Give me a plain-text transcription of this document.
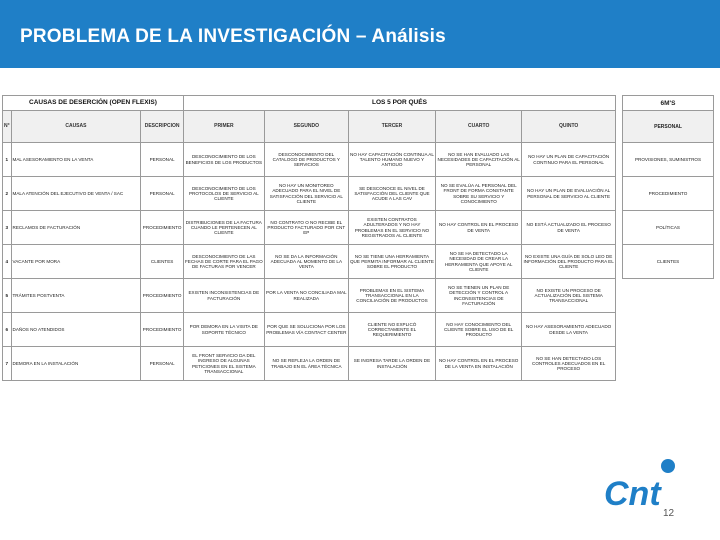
PROBLEMA DE LA INVESTIGACIÓN – Análisis
CAUSAS DE DESERCIÓN (OPEN FLEXIS)			LOS 5 POR QUÉS				
N°	CAUSAS	DESCRIPCION	PRIMER	SEGUNDO	TERCER	CUARTO	QUINTO
1	MAL ASESORAMIENTO EN LA VENTA	PERSONAL	DESCONOCIMIENTO DE LOS BENEFICIOS DE LOS PRODUCTOS	DESCONOCIMIENTO DEL CATALOGO DE PRODUCTOS Y SERVICIOS	NO HAY CAPACITACIÓN CONTINUA AL TALENTO HUMANO NUEVO Y ANTIGUO	NO SE HAN EVALUADO LAS NECESIDADES DE CAPACITACIÓN AL PERSONAL	NO HAY UN PLAN DE CAPACITACIÓN CONTINUO PARA EL PERSONAL
2	MALA ATENCIÓN DEL EJECUTIVO DE VENTA / SAC	PERSONAL	DESCONOCIMIENTO DE LOS PROTOCOLOS DE SERVICIO AL CLIENTE	NO HAY UN MONITOREO ADECUADO PARA EL NIVEL DE SATISFACCIÓN DEL SERVICIO AL CLIENTE	SE DESCONOCE EL NIVEL DE SATISFACCIÓN DEL CLIENTE QUE ACUDE A LAS CAV	NO SE EVALÚA AL PERSONAL DEL FRONT DE FORMA CONSTANTE SOBRE SU SERVICIO Y CONOCIMIENTO	NO HAY UN PLAN DE EVALUACIÓN AL PERSONAL DE SERVICIO AL CLIENTE
3	RECLAMOS DE FACTURACIÓN	PROCEDIMIENTO	DISTRIBUCIONES DE LA FACTURA CUANDO LE PERTENECEN AL CLIENTE	NO CONTRATO O NO RECIBE EL PRODUCTO FACTURADO POR CNT EP	EXISTEN CONTRATOS ADULTERADOS Y NO HAY PROBLEMAS EN EL SERVICIO NO REGISTRADOS AL CLIENTE	NO HAY CONTROL EN EL PROCESO DE VENTA	NO ESTÁ ACTUALIZADO EL PROCESO DE VENTA
4	VACANTE POR MORA	CLIENTES	DESCONOCIMIENTO DE LAS FECHAS DE CORTE PARA EL PAGO DE FACTURAS POR VENCER	NO SE DA LA INFORMACIÓN ADECUADA AL MOMENTO DE LA VENTA	NO SE TIENE UNA HERRAMIENTA QUE PERMITA INFORMAR AL CLIENTE SOBRE EL PRODUCTO	NO SE HA DETECTADO LA NECESIDAD DE CREAR LA HERRAMIENTA QUE APOYE AL CLIENTE	NO EXISTE UNA GUÍA DE SOLO LEO DE INFORMACIÓN DEL PRODUCTO PARA EL CLIENTE
5	TRÁMITES POSTVENTA	PROCEDIMIENTO	EXISTEN INCONSISTENCIAS DE FACTURACIÓN	POR LA VENTA NO CONCILIADA MAL REALIZADA	PROBLEMAS EN EL SISTEMA TRANSACCIONAL EN LA CONCILIACIÓN DE PRODUCTOS	NO SE TIENEN UN PLAN DE DETECCIÓN Y CONTROL A INCONSISTENCIAS DE FACTURACIÓN	NO EXISTE UN PROCESO DE ACTUALIZACIÓN DEL SISTEMA TRANSACCIONAL
6	DAÑOS NO ATENDIDOS	PROCEDIMIENTO	POR DEMORA EN LA VISITA DE SOPORTE TÉCNICO	POR QUE SE SOLUCIONA POR LOS PROBLEMAS VÍA CONTACT CENTER	CLIENTE NO EXPLICÓ CORRECTAMENTE EL REQUERIMIENTO	NO HAY CONOCIMIENTO DEL CLIENTE SOBRE EL USO DE EL PRODUCTO	NO HAY ASESORAMIENTO ADECUADO DESDE LA VENTA
7	DEMORA EN LA INSTALACIÓN	PERSONAL	EL FRONT SERVICIO DA DEL INGRESO DE ALGUNAS PETICIONES EN EL SISTEMA TRANSACCIONAL	NO SE REFLEJA LA ORDEN DE TRABAJO EN EL ÁREA TÉCNICA	SE INGRESA TARDE LA ORDEN DE INSTALACIÓN	NO HAY CONTROL EN EL PROCESO DE LA VENTA EN INSTALACIÓN	NO SE HAN DETECTADO LOS CONTROLES ADECUADOS EN EL PROCESO
6M'S
PERSONAL
PROVISIONES, SUMINISTROS
PROCEDIMIENTO
POLÍTICAS
CLIENTES
Cnt
12
